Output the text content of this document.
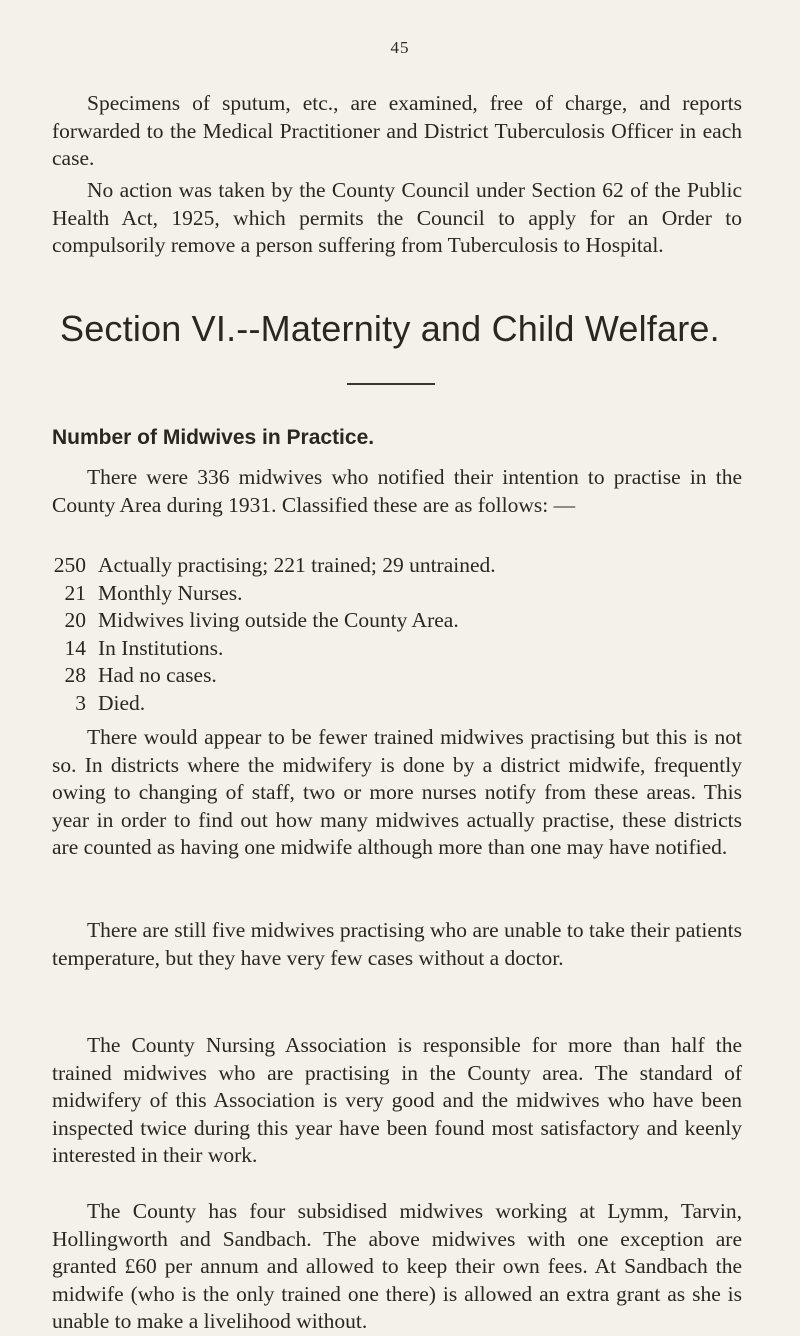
45

Specimens of sputum, etc., are examined, free of charge, and reports forwarded to the Medical Practitioner and District Tuberculosis Officer in each case.

No action was taken by the County Council under Section 62 of the Public Health Act, 1925, which permits the Council to apply for an Order to compulsorily remove a person suffering from Tuberculosis to Hospital.

Section VI.--Maternity and Child Welfare.
Number of Midwives in Practice.

There were 336 midwives who notified their intention to practise in the County Area during 1931. Classified these are as follows: —

250 Actually practising; 221 trained; 29 untrained.
21 Monthly Nurses.
20 Midwives living outside the County Area.
14 In Institutions.
28 Had no cases.
3 Died.

There would appear to be fewer trained midwives practising but this is not so. In districts where the midwifery is done by a district midwife, frequently owing to changing of staff, two or more nurses notify from these areas. This year in order to find out how many midwives actually practise, these districts are counted as having one midwife although more than one may have notified.

There are still five midwives practising who are unable to take their patients temperature, but they have very few cases without a doctor.

The County Nursing Association is responsible for more than half the trained midwives who are practising in the County area. The standard of midwifery of this Association is very good and the midwives who have been inspected twice during this year have been found most satisfactory and keenly interested in their work.

The County has four subsidised midwives working at Lymm, Tarvin, Hollingworth and Sandbach. The above midwives with one exception are granted £60 per annum and allowed to keep their own fees. At Sandbach the midwife (who is the only trained one there) is allowed an extra grant as she is unable to make a livelihood without.
